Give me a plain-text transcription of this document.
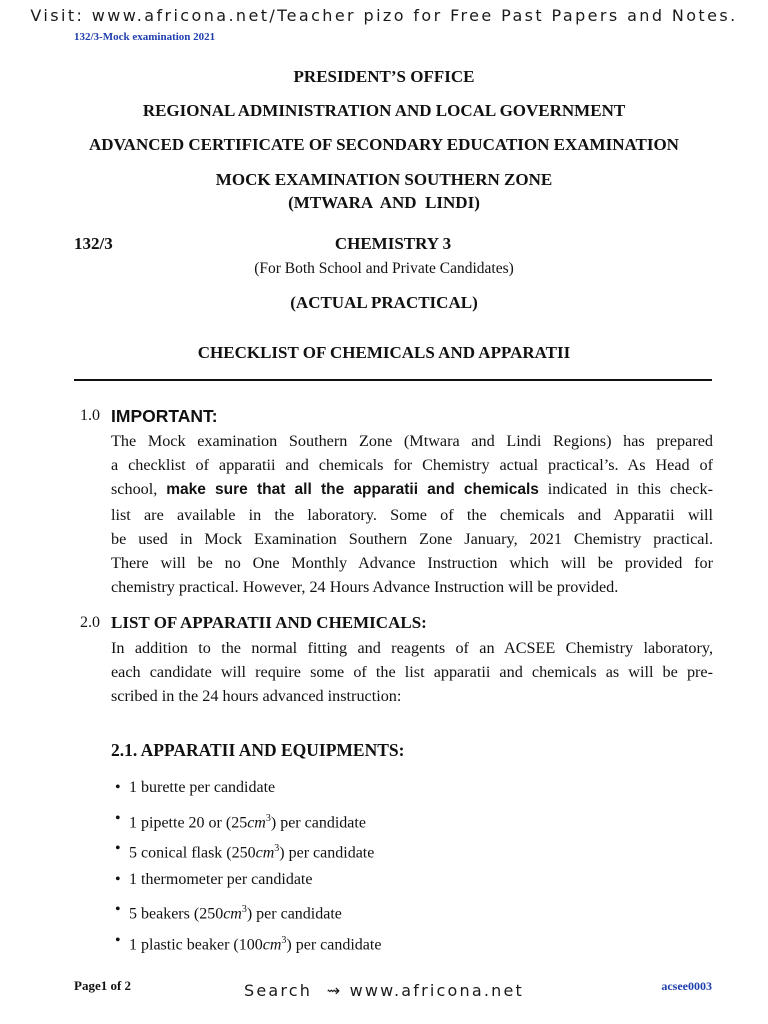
Visit: www.africona.net/Teacher pizo for Free Past Papers and Notes.
132/3-Mock examination 2021
PRESIDENT’S OFFICE
REGIONAL ADMINISTRATION AND LOCAL GOVERNMENT
ADVANCED CERTIFICATE OF SECONDARY EDUCATION EXAMINATION
MOCK EXAMINATION SOUTHERN ZONE
(MTWARA  AND  LINDI)
132/3	CHEMISTRY 3
(For Both School and Private Candidates)
(ACTUAL PRACTICAL)
CHECKLIST OF CHEMICALS AND APPARATII
1.0 IMPORTANT:
The Mock examination Southern Zone (Mtwara and Lindi Regions) has prepared
a checklist of apparatii and chemicals for Chemistry actual practical’s. As Head of
school, make sure that all the apparatii and chemicals indicated in this check-
list are available in the laboratory. Some of the chemicals and Apparatii will
be used in Mock Examination Southern Zone January, 2021 Chemistry practical.
There will be no One Monthly Advance Instruction which will be provided for
chemistry practical. However, 24 Hours Advance Instruction will be provided.
2.0 LIST OF APPARATII AND CHEMICALS:
In addition to the normal fitting and reagents of an ACSEE Chemistry laboratory,
each candidate will require some of the list apparatii and chemicals as will be pre-
scribed in the 24 hours advanced instruction:
2.1. APPARATII AND EQUIPMENTS:
• 1 burette per candidate
• 1 pipette 20 or $(25cm^3)$ per candidate
• 5 conical flask $(250cm^3)$ per candidate
• 1 thermometer per candidate
• 5 beakers $(250cm^3)$ per candidate
• 1 plastic beaker $(100cm^3)$ per candidate
Page1 of 2	Search  ⇝ www.africona.net	acsee0003
